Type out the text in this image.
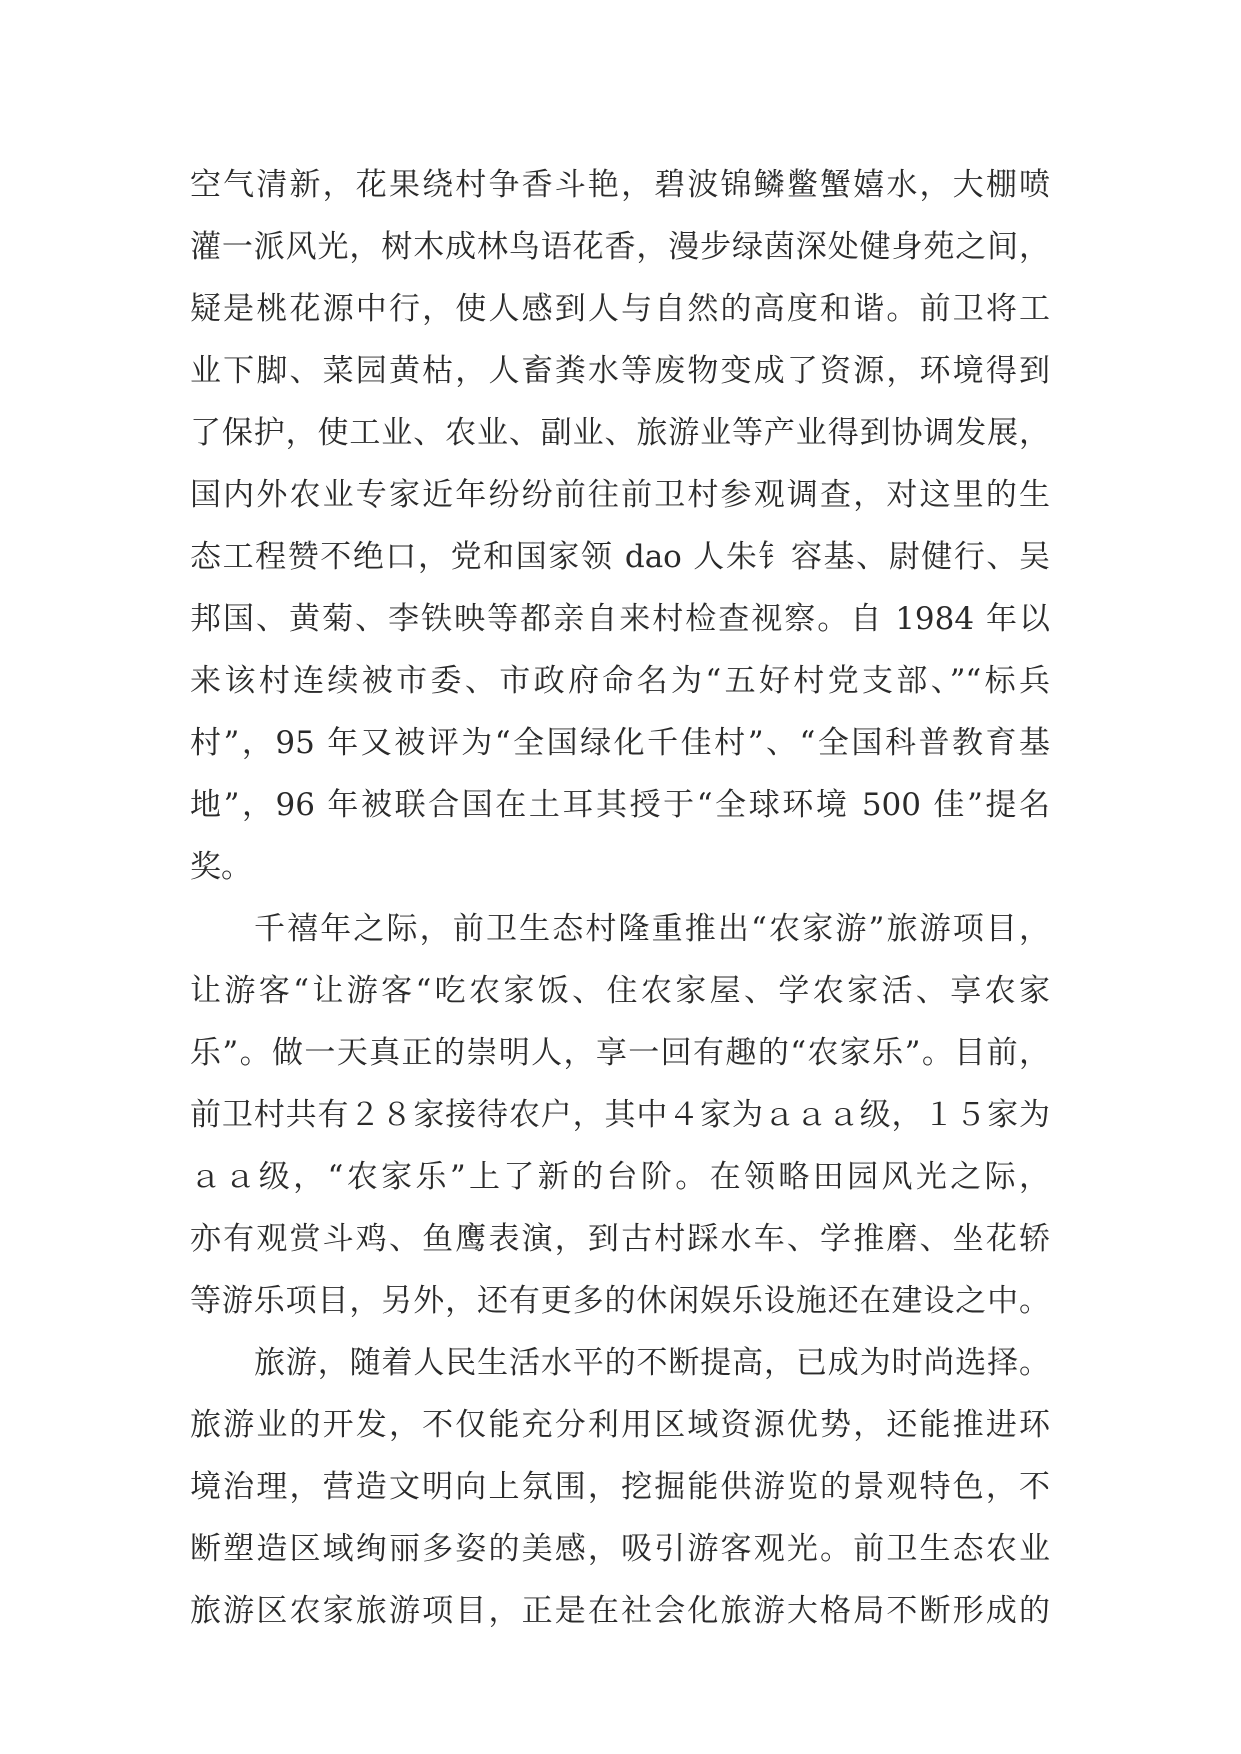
空气清新，花果绕村争香斗艳，碧波锦鳞鳖蟹嬉水，大棚喷
灌一派风光，树木成林鸟语花香，漫步绿茵深处健身苑之间，
疑是桃花源中行，使人感到人与自然的高度和谐。前卫将工
业下脚、菜园黄枯，人畜粪水等废物变成了资源，环境得到
了保护，使工业、农业、副业、旅游业等产业得到协调发展，
国内外农业专家近年纷纷前往前卫村参观调查，对这里的生
态工程赞不绝口，党和国家领 dao 人朱钅容基、尉健行、吴
邦国、黄菊、李铁映等都亲自来村检查视察。自 1984 年以
来该村连续被市委、市政府命名为“五好村党支部、”“标兵
村”，95 年又被评为“全国绿化千佳村”、“全国科普教育基
地”，96 年被联合国在土耳其授于“全球环境 500 佳”提名
奖。
千禧年之际，前卫生态村隆重推出“农家游”旅游项目，
让游客“让游客“吃农家饭、住农家屋、学农家活、享农家
乐”。做一天真正的崇明人，享一回有趣的“农家乐”。目前，
前卫村共有２８家接待农户，其中４家为ａａａ级，１５家为
ａａ级，“农家乐”上了新的台阶。在领略田园风光之际，
亦有观赏斗鸡、鱼鹰表演，到古村踩水车、学推磨、坐花轿
等游乐项目，另外，还有更多的休闲娱乐设施还在建设之中。
旅游，随着人民生活水平的不断提高，已成为时尚选择。
旅游业的开发，不仅能充分利用区域资源优势，还能推进环
境治理，营造文明向上氛围，挖掘能供游览的景观特色，不
断塑造区域绚丽多姿的美感，吸引游客观光。前卫生态农业
旅游区农家旅游项目，正是在社会化旅游大格局不断形成的
